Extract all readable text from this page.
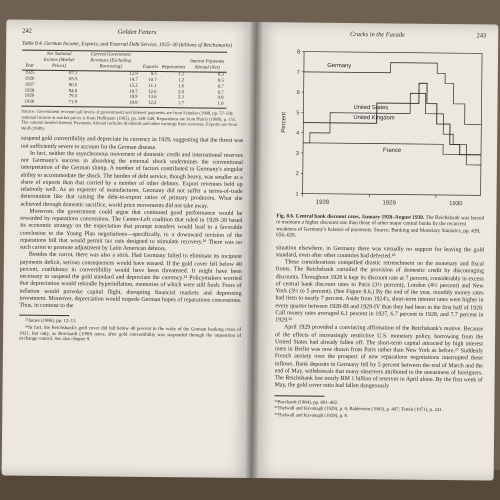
242	Golden Fetters
Table 8.4. German Income, Exports, and External Debt Service, 1925–30 (billions of Reichsmarks)
Year	Net National Income (Market Prices)	Current Government Revenues (Excluding Borrowing)	Exports	Reparations	Interest Payments Abroad (Net)
1925	67.1	12.9	9.5	1.1	0.3
1926	65.5	14.7	10.7	1.2	0.5
1927	80.5	15.2	11.1	1.6	0.7
1928	84.0	18.7	12.6	2.0	0.7
1929	79.5	18.9	13.6	2.3	0.8
1930	71.9	18.8	12.2	1.7	1.0
Source: Government revenue (all levels of government) and interest payments are from Schuker (1988, pp. 57–58); national income at market prices is from Hoffmann (1965), pp. 248–249. Reparations are from Harris (1988), p. 151. The column headed Interest Payments Abroad includes dividends and other earnings from overseas. Exports are from Wolf (1989).

suspend gold convertibility and depreciate its currency in 1929, suggesting that the threat was not sufficiently severe to account for the German disease.

In fact, neither the asynchronous movement of domestic credit and international reserves nor Germany's success in absorbing the external shock undermines the conventional interpretation of the German slump. A number of factors contributed to Germany's singular ability to accommodate the shock. The burden of debt service, though heavy, was smaller as a share of exports than that carried by a number of other debtors. Export revenues held up relatively well. As an exporter of manufactures, Germany did not suffer a terms-of-trade deterioration like that raising the debt-to-export ratios of primary producers. What she achieved through domestic sacrifice, world price movements did not take away.

Moreover, the government could argue that continued good performance would be rewarded by reparations concessions. The Center-Left coalition that ruled in 1928–30 based its economic strategy on the expectation that prompt transfers would lead to a favorable conclusion to the Young Plan negotiations—specifically, to a downward revision of the reparations bill that would permit tax cuts designed to stimulate recovery.²³ There was no such carrot to promote adjustment by Latin American debtors.

Besides the carrot, there was also a stick. Had Germany failed to eliminate its incipient payments deficit, serious consequences would have ensued. If the gold cover fell below 40 percent, confidence in convertibility would have been threatened. It might have been necessary to suspend the gold standard and depreciate the currency.²⁴ Policymakers worried that depreciation would rekindle hyperinflation, memories of which were still fresh. Fears of inflation would provoke capital flight, disrupting financial markets and depressing investment. Moreover, depreciation would torpedo German hopes of reparations concessions. Thus, in contrast to the

²³James (1986), pp. 12–13.

²⁴In fact, the Reichsbank's gold cover did fall below 40 percent in the wake of the German banking crisis of 1931, but only, as Borchardt (1990) notes, after gold convertibility was suspended through the imposition of exchange control. See also chapter 9.

Cracks in the Facade	243
1
2
3
4
5
6
7
8
1928	1929	1930
Percent
Germany
United States
United Kingdom
France
Fig. 8.6. Central bank discount rates, January 1928–August 1930. The Reichsbank was forced to maintain a higher discount rate than those of other major central banks by the recurrent weakness of Germany's balance of payments. Source: Banking and Monetary Statistics, pp. 439, 656–659.

situation elsewhere, in Germany there was virtually no support for leaving the gold standard, even after other countries had defected.²⁵

These considerations compelled drastic retrenchment on the monetary and fiscal fronts. The Reichsbank curtailed the provision of domestic credit by discouraging discounts. Throughout 1928 it kept its discount rate at 7 percent, considerably in excess of central bank discount rates in Paris (3½ percent), London (4½ percent) and New York (3½ to 5 percent). (See Figure 8.6.) By the end of the year, monthly money rates had risen to nearly 7 percent. Aside from 1924's, short-term interest rates were higher in every quarter between 1928-III and 1929-IV than they had been in the first half of 1928. Call money rates averaged 6.1 percent in 1927, 6.7 percent in 1928, and 7.7 percent in 1929.²⁶

April 1929 provided a convincing affirmation of the Reichsbank's motive. Because of the effects of increasingly restrictive U.S. monetary policy, borrowing from the United States had already fallen off. The short-term capital attracted by high interest rates in Berlin was now drawn from Paris rather than New York as before.²⁷ Suddenly French anxiety over the prospect of new reparations negotiations interrupted these inflows. Bank deposits in Germany fell by 5 percent between the end of March and the end of May, withdrawals that many observers attributed to the uneasiness of foreigners. The Reichsbank lost nearly RM 1 billion of reserves in April alone. By the first week of May, the gold cover ratio had fallen dangerously

²⁵Borchardt (1984), pp. 481–482.

²⁶Thelwall and Kavanagh (1929), p. 6; Balderston (1983), p. 407; Temin (1971), p. 241.

²⁷Thelwall and Kavanagh (1929), p. 8.
